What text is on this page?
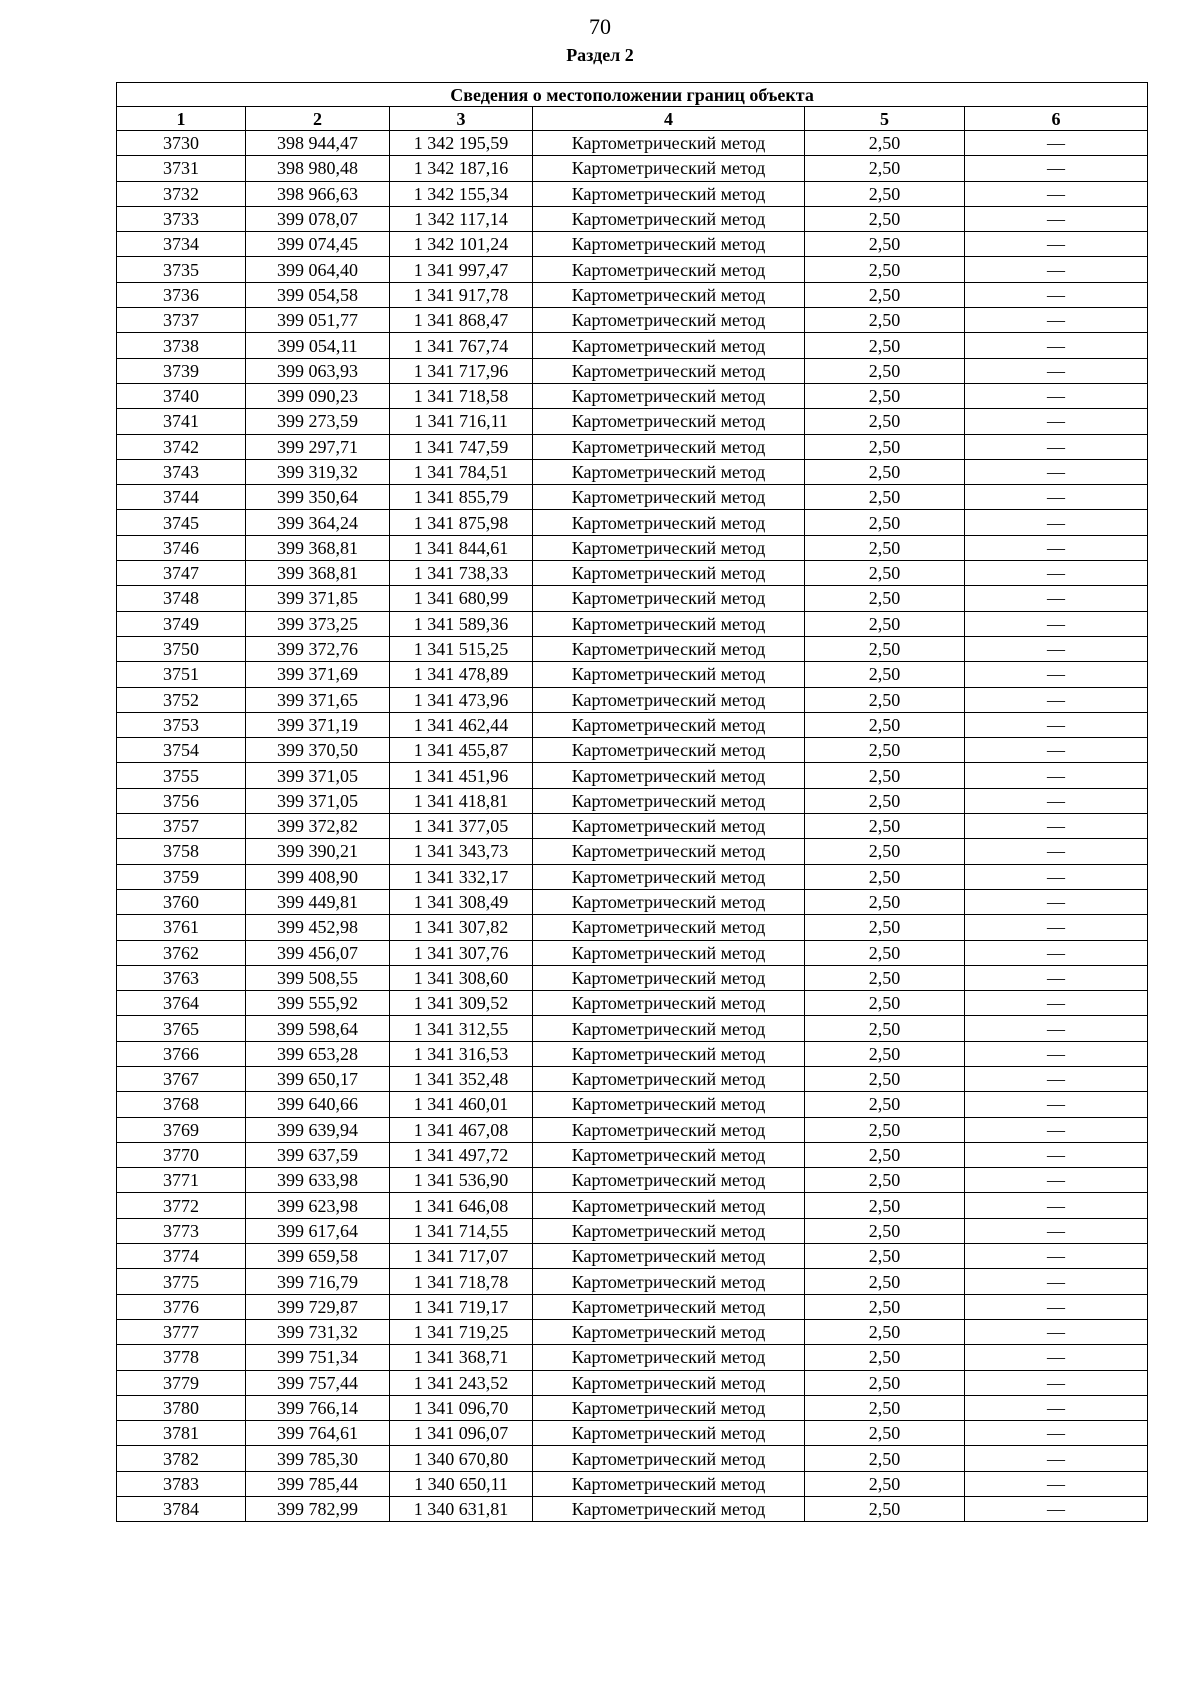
70
Раздел 2
Сведения о местоположении границ объекта					
1	2	3	4	5	6
3730	398 944,47	1 342 195,59	Картометрический метод	2,50	—
3731	398 980,48	1 342 187,16	Картометрический метод	2,50	—
3732	398 966,63	1 342 155,34	Картометрический метод	2,50	—
3733	399 078,07	1 342 117,14	Картометрический метод	2,50	—
3734	399 074,45	1 342 101,24	Картометрический метод	2,50	—
3735	399 064,40	1 341 997,47	Картометрический метод	2,50	—
3736	399 054,58	1 341 917,78	Картометрический метод	2,50	—
3737	399 051,77	1 341 868,47	Картометрический метод	2,50	—
3738	399 054,11	1 341 767,74	Картометрический метод	2,50	—
3739	399 063,93	1 341 717,96	Картометрический метод	2,50	—
3740	399 090,23	1 341 718,58	Картометрический метод	2,50	—
3741	399 273,59	1 341 716,11	Картометрический метод	2,50	—
3742	399 297,71	1 341 747,59	Картометрический метод	2,50	—
3743	399 319,32	1 341 784,51	Картометрический метод	2,50	—
3744	399 350,64	1 341 855,79	Картометрический метод	2,50	—
3745	399 364,24	1 341 875,98	Картометрический метод	2,50	—
3746	399 368,81	1 341 844,61	Картометрический метод	2,50	—
3747	399 368,81	1 341 738,33	Картометрический метод	2,50	—
3748	399 371,85	1 341 680,99	Картометрический метод	2,50	—
3749	399 373,25	1 341 589,36	Картометрический метод	2,50	—
3750	399 372,76	1 341 515,25	Картометрический метод	2,50	—
3751	399 371,69	1 341 478,89	Картометрический метод	2,50	—
3752	399 371,65	1 341 473,96	Картометрический метод	2,50	—
3753	399 371,19	1 341 462,44	Картометрический метод	2,50	—
3754	399 370,50	1 341 455,87	Картометрический метод	2,50	—
3755	399 371,05	1 341 451,96	Картометрический метод	2,50	—
3756	399 371,05	1 341 418,81	Картометрический метод	2,50	—
3757	399 372,82	1 341 377,05	Картометрический метод	2,50	—
3758	399 390,21	1 341 343,73	Картометрический метод	2,50	—
3759	399 408,90	1 341 332,17	Картометрический метод	2,50	—
3760	399 449,81	1 341 308,49	Картометрический метод	2,50	—
3761	399 452,98	1 341 307,82	Картометрический метод	2,50	—
3762	399 456,07	1 341 307,76	Картометрический метод	2,50	—
3763	399 508,55	1 341 308,60	Картометрический метод	2,50	—
3764	399 555,92	1 341 309,52	Картометрический метод	2,50	—
3765	399 598,64	1 341 312,55	Картометрический метод	2,50	—
3766	399 653,28	1 341 316,53	Картометрический метод	2,50	—
3767	399 650,17	1 341 352,48	Картометрический метод	2,50	—
3768	399 640,66	1 341 460,01	Картометрический метод	2,50	—
3769	399 639,94	1 341 467,08	Картометрический метод	2,50	—
3770	399 637,59	1 341 497,72	Картометрический метод	2,50	—
3771	399 633,98	1 341 536,90	Картометрический метод	2,50	—
3772	399 623,98	1 341 646,08	Картометрический метод	2,50	—
3773	399 617,64	1 341 714,55	Картометрический метод	2,50	—
3774	399 659,58	1 341 717,07	Картометрический метод	2,50	—
3775	399 716,79	1 341 718,78	Картометрический метод	2,50	—
3776	399 729,87	1 341 719,17	Картометрический метод	2,50	—
3777	399 731,32	1 341 719,25	Картометрический метод	2,50	—
3778	399 751,34	1 341 368,71	Картометрический метод	2,50	—
3779	399 757,44	1 341 243,52	Картометрический метод	2,50	—
3780	399 766,14	1 341 096,70	Картометрический метод	2,50	—
3781	399 764,61	1 341 096,07	Картометрический метод	2,50	—
3782	399 785,30	1 340 670,80	Картометрический метод	2,50	—
3783	399 785,44	1 340 650,11	Картометрический метод	2,50	—
3784	399 782,99	1 340 631,81	Картометрический метод	2,50	—
